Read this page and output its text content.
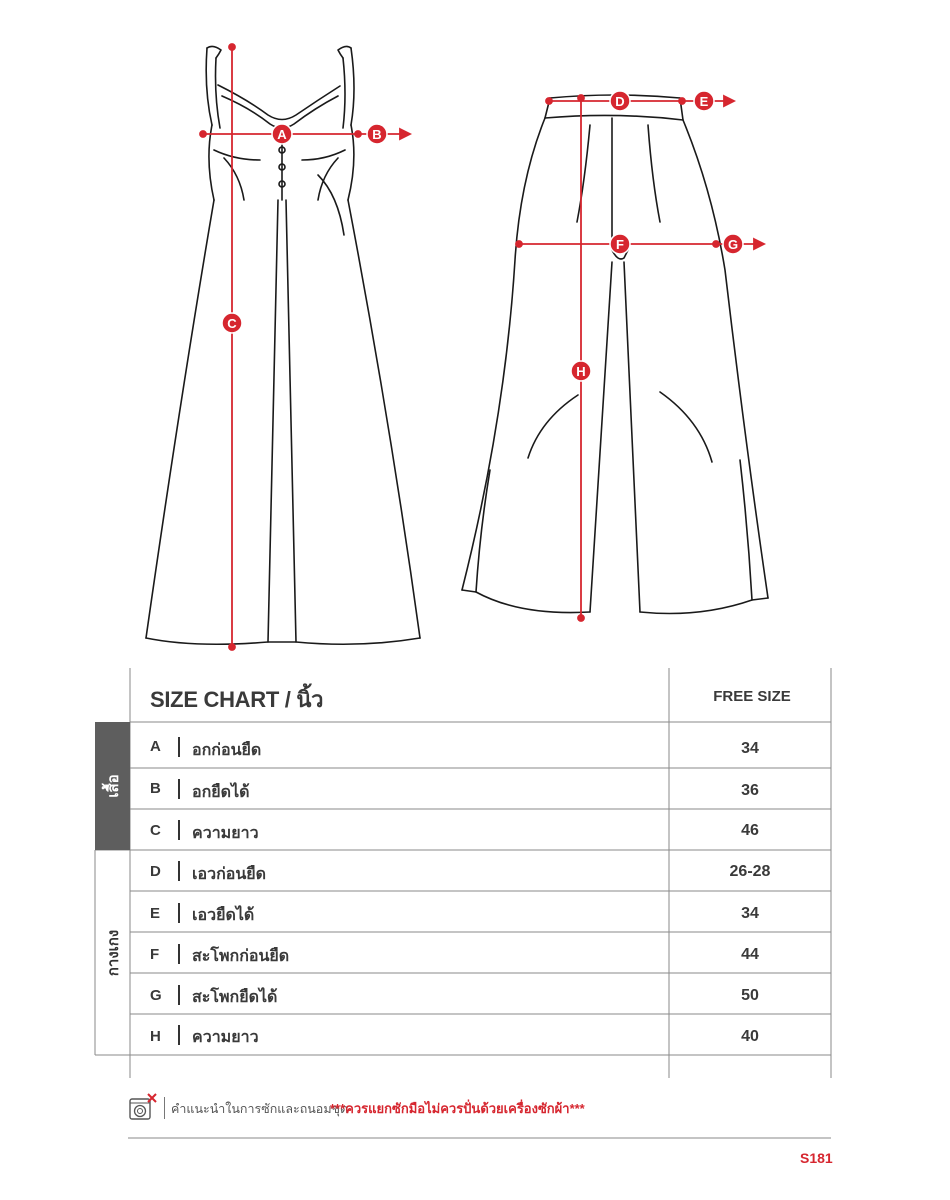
A	B
C
D	E
F	G
H
SIZE CHART / นิ้ว	FREE SIZE
เสื้อ
กางเกง
A อกก่อนยืด	34
B อกยืดได้	36
C ความยาว	46
D เอวก่อนยืด	26-28
E เอวยืดได้	34
F	สะโพกก่อนยืด	44
G สะโพกยืดได้	50
H ความยาว	40
คำแนะนำในการซักและถนอมชุด
***ควรแยกซักมือไม่ควรปั่นด้วยเครื่องซักผ้า***
S181
